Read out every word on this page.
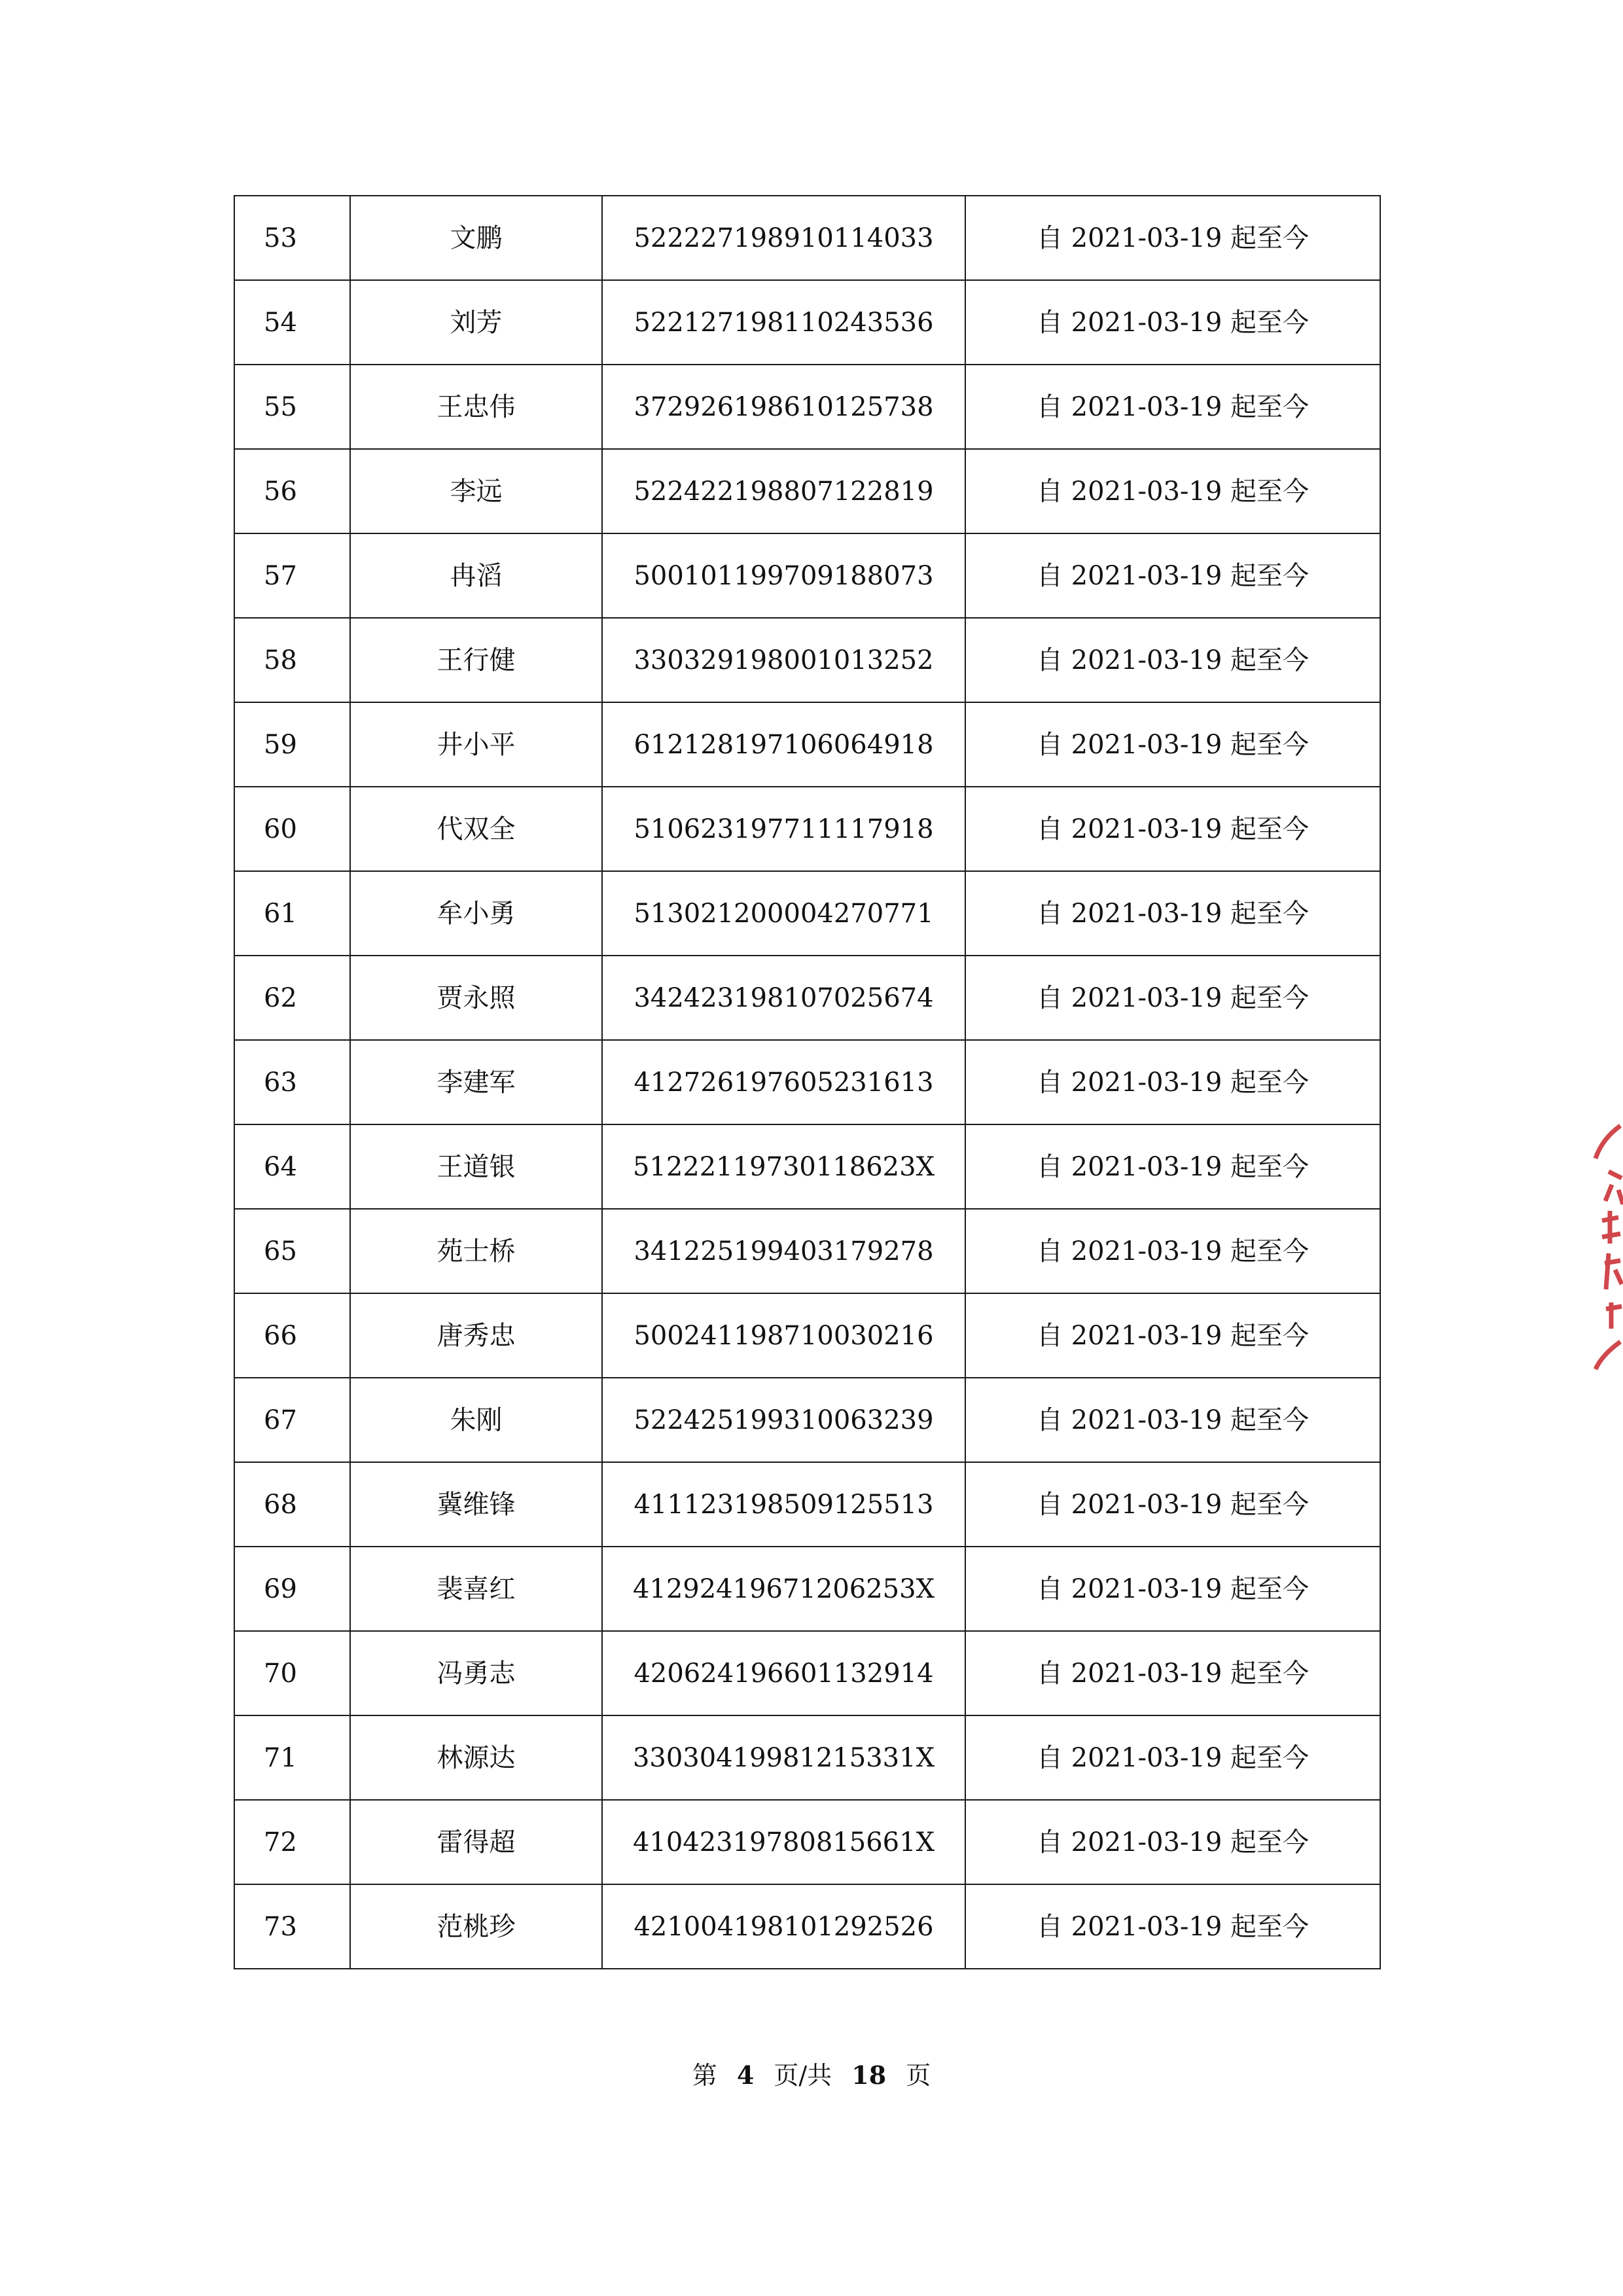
53	文鹏	522227198910114033	自 2021-03-19 起至今
54	刘芳	522127198110243536	自 2021-03-19 起至今
55	王忠伟	372926198610125738	自 2021-03-19 起至今
56	李远	522422198807122819	自 2021-03-19 起至今
57	冉滔	500101199709188073	自 2021-03-19 起至今
58	王行健	330329198001013252	自 2021-03-19 起至今
59	井小平	612128197106064918	自 2021-03-19 起至今
60	代双全	510623197711117918	自 2021-03-19 起至今
61	牟小勇	513021200004270771	自 2021-03-19 起至今
62	贾永照	342423198107025674	自 2021-03-19 起至今
63	李建军	412726197605231613	自 2021-03-19 起至今
64	王道银	51222119730118623X	自 2021-03-19 起至今
65	苑士桥	341225199403179278	自 2021-03-19 起至今
66	唐秀忠	500241198710030216	自 2021-03-19 起至今
67	朱刚	522425199310063239	自 2021-03-19 起至今
68	冀维锋	411123198509125513	自 2021-03-19 起至今
69	裴喜红	41292419671206253X	自 2021-03-19 起至今
70	冯勇志	420624196601132914	自 2021-03-19 起至今
71	林源达	33030419981215331X	自 2021-03-19 起至今
72	雷得超	41042319780815661X	自 2021-03-19 起至今
73	范桃珍	421004198101292526	自 2021-03-19 起至今
第 4 页/共 18 页
